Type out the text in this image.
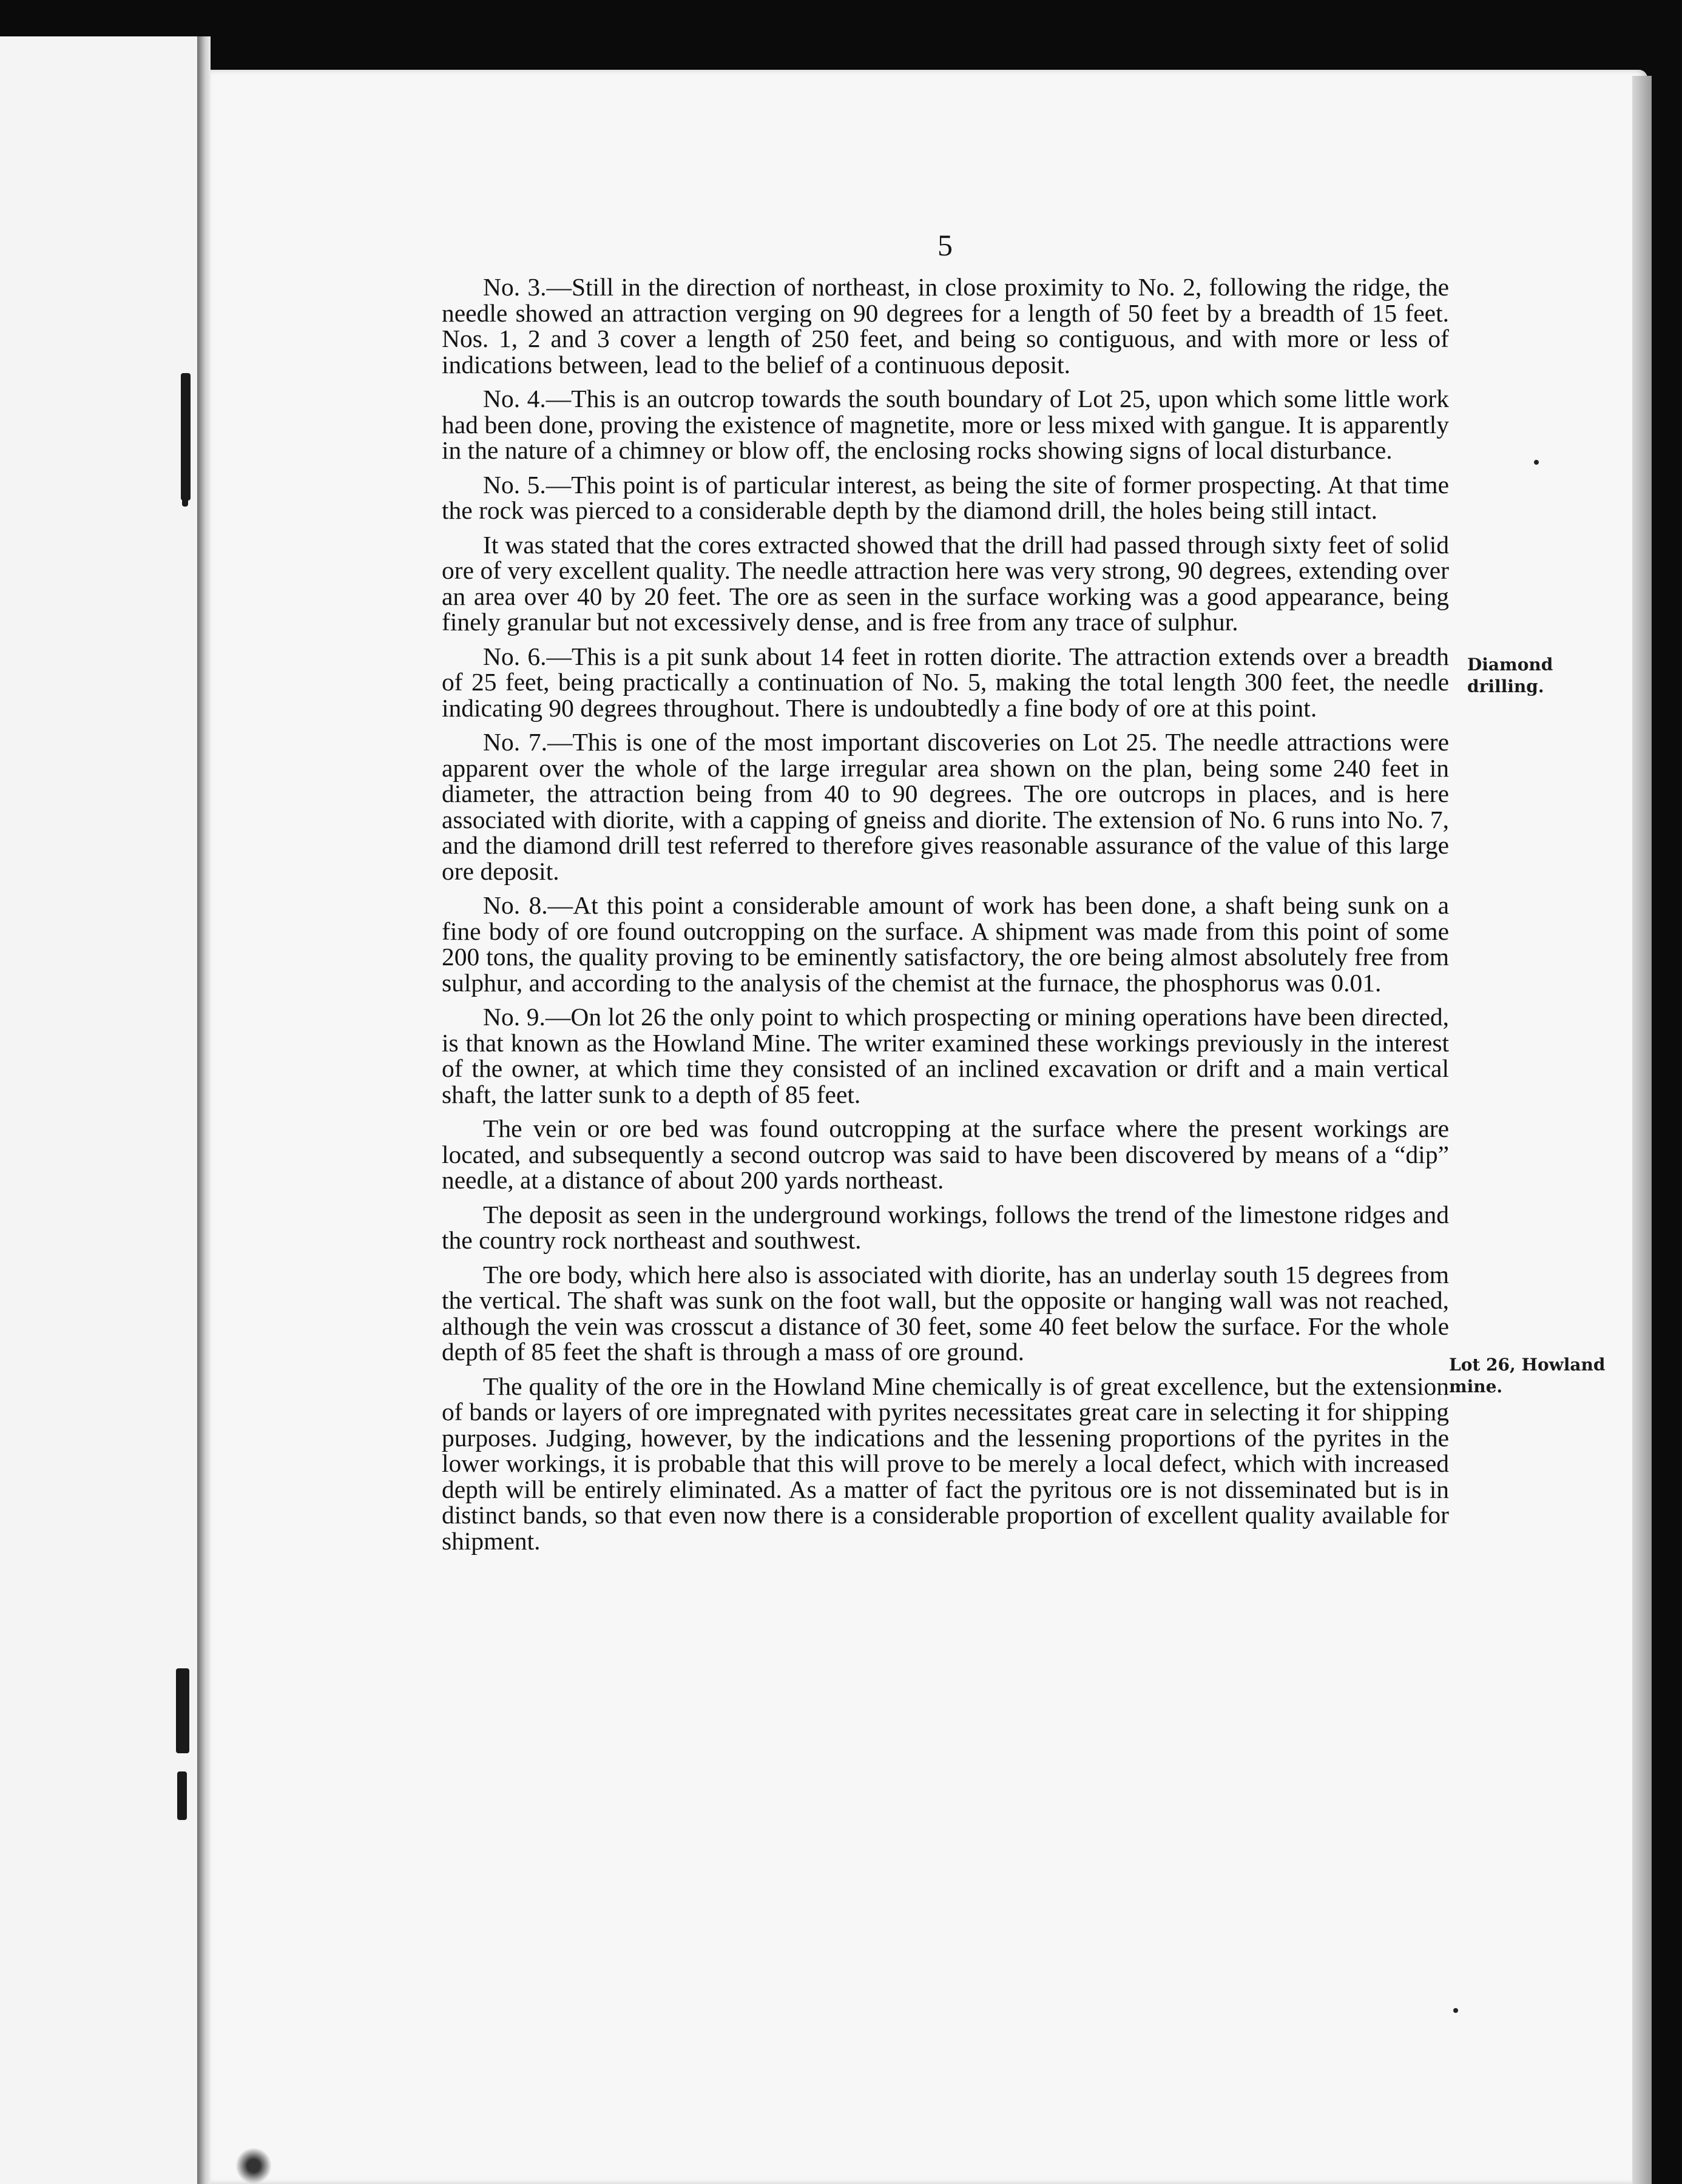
5

No. 3.—Still in the direction of northeast, in close proximity to No. 2, following the ridge, the needle showed an attraction verging on 90 degrees for a length of 50 feet by a breadth of 15 feet. Nos. 1, 2 and 3 cover a length of 250 feet, and being so contiguous, and with more or less of indications between, lead to the belief of a continuous deposit.

No. 4.—This is an outcrop towards the south boundary of Lot 25, upon which some little work had been done, proving the existence of magnetite, more or less mixed with gangue. It is apparently in the nature of a chimney or blow off, the enclosing rocks showing signs of local disturbance.

No. 5.—This point is of particular interest, as being the site of former prospecting. At that time the rock was pierced to a considerable depth by the diamond drill, the holes being still intact.

It was stated that the cores extracted showed that the drill had passed through sixty feet of solid ore of very excellent quality. The needle attraction here was very strong, 90 degrees, extending over an area over 40 by 20 feet. The ore as seen in the surface working was a good appearance, being finely granular but not excessively dense, and is free from any trace of sulphur.

No. 6.—This is a pit sunk about 14 feet in rotten diorite. The attraction extends over a breadth of 25 feet, being practically a continuation of No. 5, making the total length 300 feet, the needle indicating 90 degrees throughout. There is undoubtedly a fine body of ore at this point.

No. 7.—This is one of the most important discoveries on Lot 25. The needle attractions were apparent over the whole of the large irregular area shown on the plan, being some 240 feet in diameter, the attraction being from 40 to 90 degrees. The ore outcrops in places, and is here associated with diorite, with a capping of gneiss and diorite. The extension of No. 6 runs into No. 7, and the diamond drill test referred to therefore gives reasonable assurance of the value of this large ore deposit.

No. 8.—At this point a considerable amount of work has been done, a shaft being sunk on a fine body of ore found outcropping on the surface. A shipment was made from this point of some 200 tons, the quality proving to be eminently satisfactory, the ore being almost absolutely free from sulphur, and according to the analysis of the chemist at the furnace, the phosphorus was 0.01.

No. 9.—On lot 26 the only point to which prospecting or mining operations have been directed, is that known as the Howland Mine. The writer examined these workings previously in the interest of the owner, at which time they consisted of an inclined excavation or drift and a main vertical shaft, the latter sunk to a depth of 85 feet.

The vein or ore bed was found outcropping at the surface where the present workings are located, and subsequently a second outcrop was said to have been discovered by means of a “dip” needle, at a distance of about 200 yards northeast.

The deposit as seen in the underground workings, follows the trend of the limestone ridges and the country rock northeast and southwest.

The ore body, which here also is associated with diorite, has an underlay south 15 degrees from the vertical. The shaft was sunk on the foot wall, but the opposite or hanging wall was not reached, although the vein was crosscut a distance of 30 feet, some 40 feet below the surface. For the whole depth of 85 feet the shaft is through a mass of ore ground.

The quality of the ore in the Howland Mine chemically is of great excellence, but the extension of bands or layers of ore impregnated with pyrites necessitates great care in selecting it for shipping purposes. Judging, however, by the indications and the lessening proportions of the pyrites in the lower workings, it is probable that this will prove to be merely a local defect, which with increased depth will be entirely eliminated. As a matter of fact the pyritous ore is not disseminated but is in distinct bands, so that even now there is a considerable proportion of excellent quality available for shipment.

Diamond
drilling.
Lot 26, Howland
mine.
